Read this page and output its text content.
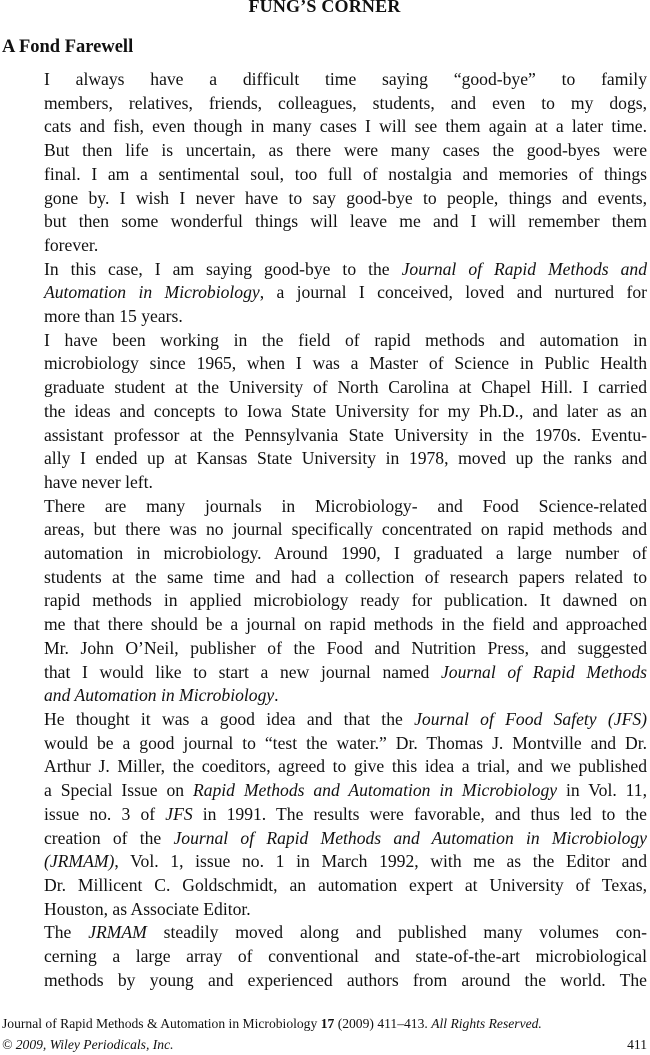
FUNG’S CORNER
A Fond Farewell

I always have a difficult time saying “good-bye” to family
members, relatives, friends, colleagues, students, and even to my dogs,
cats and fish, even though in many cases I will see them again at a later time.
But then life is uncertain, as there were many cases the good-byes were
final. I am a sentimental soul, too full of nostalgia and memories of things
gone by. I wish I never have to say good-bye to people, things and events,
but then some wonderful things will leave me and I will remember them
forever.

In this case, I am saying good-bye to the Journal of Rapid Methods and
Automation in Microbiology, a journal I conceived, loved and nurtured for
more than 15 years.

I have been working in the field of rapid methods and automation in
microbiology since 1965, when I was a Master of Science in Public Health
graduate student at the University of North Carolina at Chapel Hill. I carried
the ideas and concepts to Iowa State University for my Ph.D., and later as an
assistant professor at the Pennsylvania State University in the 1970s. Eventu-
ally I ended up at Kansas State University in 1978, moved up the ranks and
have never left.

There are many journals in Microbiology- and Food Science-related
areas, but there was no journal specifically concentrated on rapid methods and
automation in microbiology. Around 1990, I graduated a large number of
students at the same time and had a collection of research papers related to
rapid methods in applied microbiology ready for publication. It dawned on
me that there should be a journal on rapid methods in the field and approached
Mr. John O’Neil, publisher of the Food and Nutrition Press, and suggested
that I would like to start a new journal named Journal of Rapid Methods
and Automation in Microbiology.

He thought it was a good idea and that the Journal of Food Safety (JFS)
would be a good journal to “test the water.” Dr. Thomas J. Montville and Dr.
Arthur J. Miller, the coeditors, agreed to give this idea a trial, and we published
a Special Issue on Rapid Methods and Automation in Microbiology in Vol. 11,
issue no. 3 of JFS in 1991. The results were favorable, and thus led to the
creation of the Journal of Rapid Methods and Automation in Microbiology
(JRMAM), Vol. 1, issue no. 1 in March 1992, with me as the Editor and
Dr. Millicent C. Goldschmidt, an automation expert at University of Texas,
Houston, as Associate Editor.

The JRMAM steadily moved along and published many volumes con-
cerning a large array of conventional and state-of-the-art microbiological
methods by young and experienced authors from around the world. The

Journal of Rapid Methods & Automation in Microbiology 17 (2009) 411–413. All Rights Reserved.
© 2009, Wiley Periodicals, Inc.	411
